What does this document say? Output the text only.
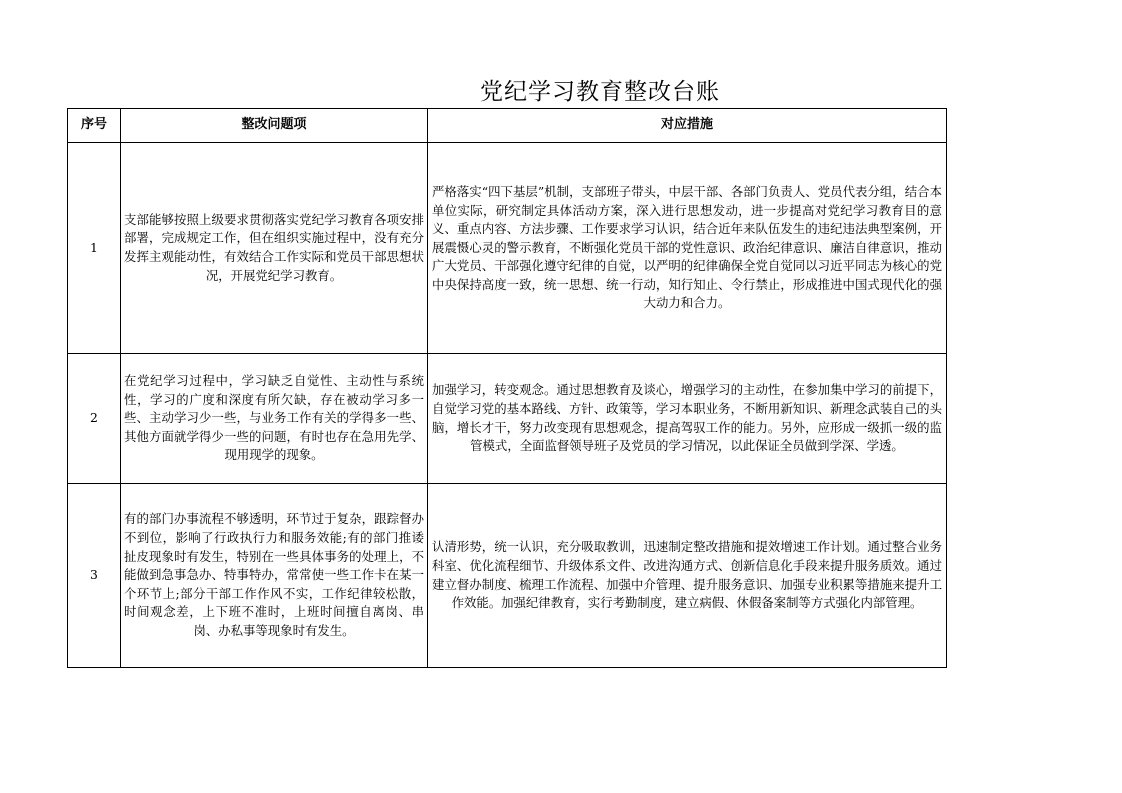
党纪学习教育整改台账
序号	整改问题项	对应措施
1	支部能够按照上级要求贯彻落实党纪学习教育各项安排部署，完成规定工作，但在组织实施过程中，没有充分发挥主观能动性，有效结合工作实际和党员干部思想状况，开展党纪学习教育。	严格落实“四下基层”机制，支部班子带头，中层干部、各部门负责人、党员代表分组，结合本单位实际，研究制定具体活动方案，深入进行思想发动，进一步提高对党纪学习教育目的意义、重点内容、方法步骤、工作要求学习认识，结合近年来队伍发生的违纪违法典型案例，开展震慑心灵的警示教育，不断强化党员干部的党性意识、政治纪律意识、廉洁自律意识，推动广大党员、干部强化遵守纪律的自觉，以严明的纪律确保全党自觉同以习近平同志为核心的党中央保持高度一致，统一思想、统一行动，知行知止、令行禁止，形成推进中国式现代化的强大动力和合力。

2	在党纪学习过程中，学习缺乏自觉性、主动性与系统性，学习的广度和深度有所欠缺，存在被动学习多一些、主动学习少一些，与业务工作有关的学得多一些、其他方面就学得少一些的问题，有时也存在急用先学、现用现学的现象。	加强学习，转变观念。通过思想教育及谈心，增强学习的主动性，在参加集中学习的前提下，自觉学习党的基本路线、方针、政策等，学习本职业务，不断用新知识、新理念武装自己的头脑，增长才干，努力改变现有思想观念，提高驾驭工作的能力。另外，应形成一级抓一级的监管模式，全面监督领导班子及党员的学习情况，以此保证全员做到学深、学透。

3	有的部门办事流程不够透明，环节过于复杂，跟踪督办不到位，影响了行政执行力和服务效能;有的部门推诿扯皮现象时有发生，特别在一些具体事务的处理上，不能做到急事急办、特事特办，常常使一些工作卡在某一个环节上;部分干部工作作风不实，工作纪律较松散，时间观念差，上下班不准时，上班时间擅自离岗、串岗、办私事等现象时有发生。	认清形势，统一认识，充分吸取教训，迅速制定整改措施和提效增速工作计划。通过整合业务科室、优化流程细节、升级体系文件、改进沟通方式、创新信息化手段来提升服务质效。通过建立督办制度、梳理工作流程、加强中介管理、提升服务意识、加强专业积累等措施来提升工作效能。加强纪律教育，实行考勤制度，建立病假、休假备案制等方式强化内部管理。
